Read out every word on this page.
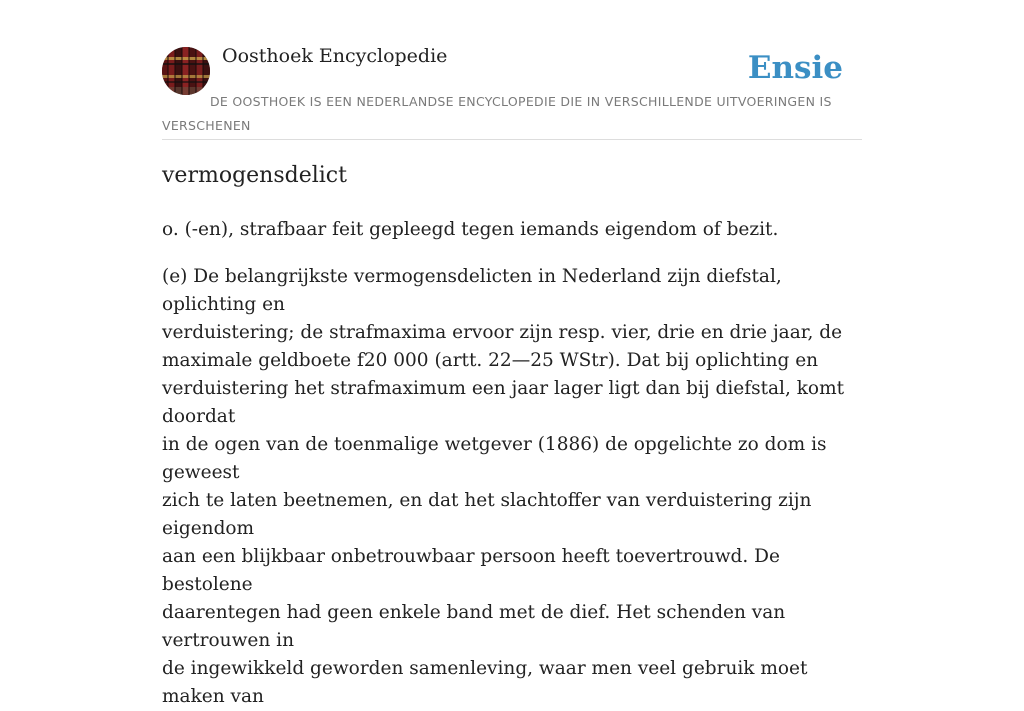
Oosthoek Encyclopedie	Ensie
DE OOSTHOEK IS EEN NEDERLANDSE ENCYCLOPEDIE DIE IN VERSCHILLENDE UITVOERINGEN IS VERSCHENEN
vermogensdelict

o. (-en), strafbaar feit gepleegd tegen iemands eigendom of bezit.

(e) De belangrijkste vermogensdelicten in Nederland zijn diefstal, oplichting en
verduistering; de strafmaxima ervoor zijn resp. vier, drie en drie jaar, de
maximale geldboete f20 000 (artt. 22—25 WStr). Dat bij oplichting en
verduistering het strafmaximum een jaar lager ligt dan bij diefstal, komt doordat
in de ogen van de toenmalige wetgever (1886) de opgelichte zo dom is geweest
zich te laten beetnemen, en dat het slachtoffer van verduistering zijn eigendom
aan een blijkbaar onbetrouwbaar persoon heeft toevertrouwd. De bestolene
daarentegen had geen enkele band met de dief. Het schenden van vertrouwen in
de ingewikkeld geworden samenleving, waar men veel gebruik moet maken van
